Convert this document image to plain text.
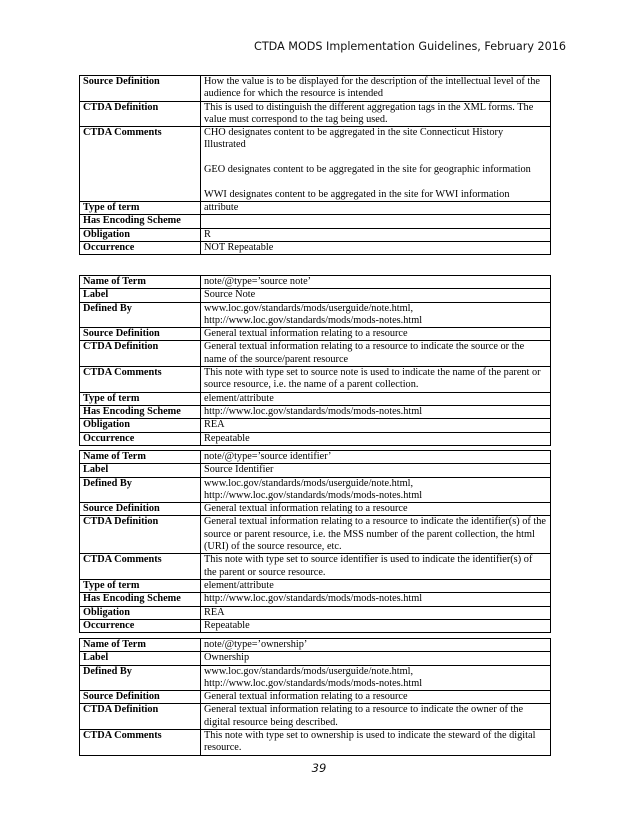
CTDA MODS Implementation Guidelines, February 2016
Source Definition	How the value is to be displayed for the description of the intellectual level of the audience for which the resource is intended
CTDA Definition	This is used to distinguish the different aggregation tags in the XML forms. The value must correspond to the tag being used.
CTDA Comments	CHO designates content to be aggregated in the site Connecticut History Illustrated

GEO designates content to be aggregated in the site for geographic information

WWI designates content to be aggregated in the site for WWI information
Type of term	attribute
Has Encoding Scheme	
Obligation	R
Occurrence	NOT Repeatable
Name of Term	note/@type=’source note’
Label	Source Note
Defined By	www.loc.gov/standards/mods/userguide/note.html,
http://www.loc.gov/standards/mods/mods-notes.html
Source Definition	General textual information relating to a resource
CTDA Definition	General textual information relating to a resource to indicate the source or the name of the source/parent resource
CTDA Comments	This note with type set to source note is used to indicate the name of the parent or source resource, i.e. the name of a parent collection.
Type of term	element/attribute
Has Encoding Scheme	http://www.loc.gov/standards/mods/mods-notes.html
Obligation	REA
Occurrence	Repeatable
Name of Term	note/@type=’source identifier’
Label	Source Identifier
Defined By	www.loc.gov/standards/mods/userguide/note.html,
http://www.loc.gov/standards/mods/mods-notes.html
Source Definition	General textual information relating to a resource
CTDA Definition	General textual information relating to a resource to indicate the identifier(s) of the source or parent resource, i.e. the MSS number of the parent collection, the html (URI) of the source resource, etc.
CTDA Comments	This note with type set to source identifier is used to indicate the identifier(s) of the parent or source resource.
Type of term	element/attribute
Has Encoding Scheme	http://www.loc.gov/standards/mods/mods-notes.html
Obligation	REA
Occurrence	Repeatable
Name of Term	note/@type=’ownership’
Label	Ownership
Defined By	www.loc.gov/standards/mods/userguide/note.html,
http://www.loc.gov/standards/mods/mods-notes.html
Source Definition	General textual information relating to a resource
CTDA Definition	General textual information relating to a resource to indicate the owner of the digital resource being described.
CTDA Comments	This note with type set to ownership is used to indicate the steward of the digital resource.
39
